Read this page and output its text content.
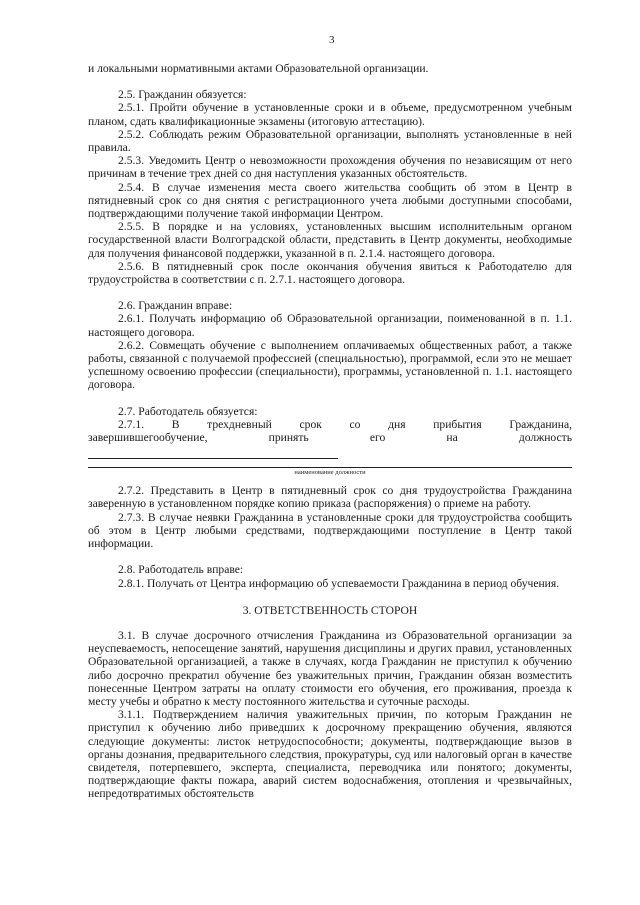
3

и локальными нормативными актами Образовательной организации.

2.5. Гражданин обязуется:

2.5.1. Пройти обучение в установленные сроки и в объеме, предусмотренном учебным планом, сдать квалификационные экзамены (итоговую аттестацию).

2.5.2. Соблюдать режим Образовательной организации, выполнять установленные в ней правила.

2.5.3. Уведомить Центр о невозможности прохождения обучения по независящим от него причинам в течение трех дней со дня наступления указанных обстоятельств.

2.5.4. В случае изменения места своего жительства сообщить об этом в Центр в пятидневный срок со дня снятия с регистрационного учета любыми доступными способами, подтверждающими получение такой информации Центром.

2.5.5. В порядке и на условиях, установленных высшим исполнительным органом государственной власти Волгоградской области, представить в Центр документы, необходимые для получения финансовой поддержки, указанной в п. 2.1.4. настоящего договора.

2.5.6. В пятидневный срок после окончания обучения явиться к Работодателю для трудоустройства в соответствии с п. 2.7.1. настоящего договора.

2.6. Гражданин вправе:

2.6.1. Получать информацию об Образовательной организации, поименованной в п. 1.1. настоящего договора.

2.6.2. Совмещать обучение с выполнением оплачиваемых общественных работ, а также работы, связанной с получаемой профессией (специальностью), программой, если это не мешает успешному освоению профессии (специальности), программы, установленной п. 1.1. настоящего договора.

2.7. Работодатель обязуется:

2.7.1. В трехдневный срок со дня прибытия Гражданина,

завершившегообучение, принять его на должность

наименование должности

2.7.2. Представить в Центр в пятидневный срок со дня трудоустройства Гражданина заверенную в установленном порядке копию приказа (распоряжения) о приеме на работу.

2.7.3. В случае неявки Гражданина в установленные сроки для трудоустройства сообщить об этом в Центр любыми средствами, подтверждающими поступление в Центр такой информации.

2.8. Работодатель вправе:

2.8.1. Получать от Центра информацию об успеваемости Гражданина в период обучения.

3. ОТВЕТСТВЕННОСТЬ СТОРОН

3.1. В случае досрочного отчисления Гражданина из Образовательной организации за неуспеваемость, непосещение занятий, нарушения дисциплины и других правил, установленных Образовательной организацией, а также в случаях, когда Гражданин не приступил к обучению либо досрочно прекратил обучение без уважительных причин, Гражданин обязан возместить понесенные Центром затраты на оплату стоимости его обучения, его проживания, проезда к месту учебы и обратно к месту постоянного жительства и суточные расходы.

3.1.1. Подтверждением наличия уважительных причин, по которым Гражданин не приступил к обучению либо приведших к досрочному прекращению обучения, являются следующие документы: листок нетрудоспособности; документы, подтверждающие вызов в органы дознания, предварительного следствия, прокуратуры, суд или налоговый орган в качестве свидетеля, потерпевшего, эксперта, специалиста, переводчика или понятого; документы, подтверждающие факты пожара, аварий систем водоснабжения, отопления и чрезвычайных, непредотвратимых обстоятельств
